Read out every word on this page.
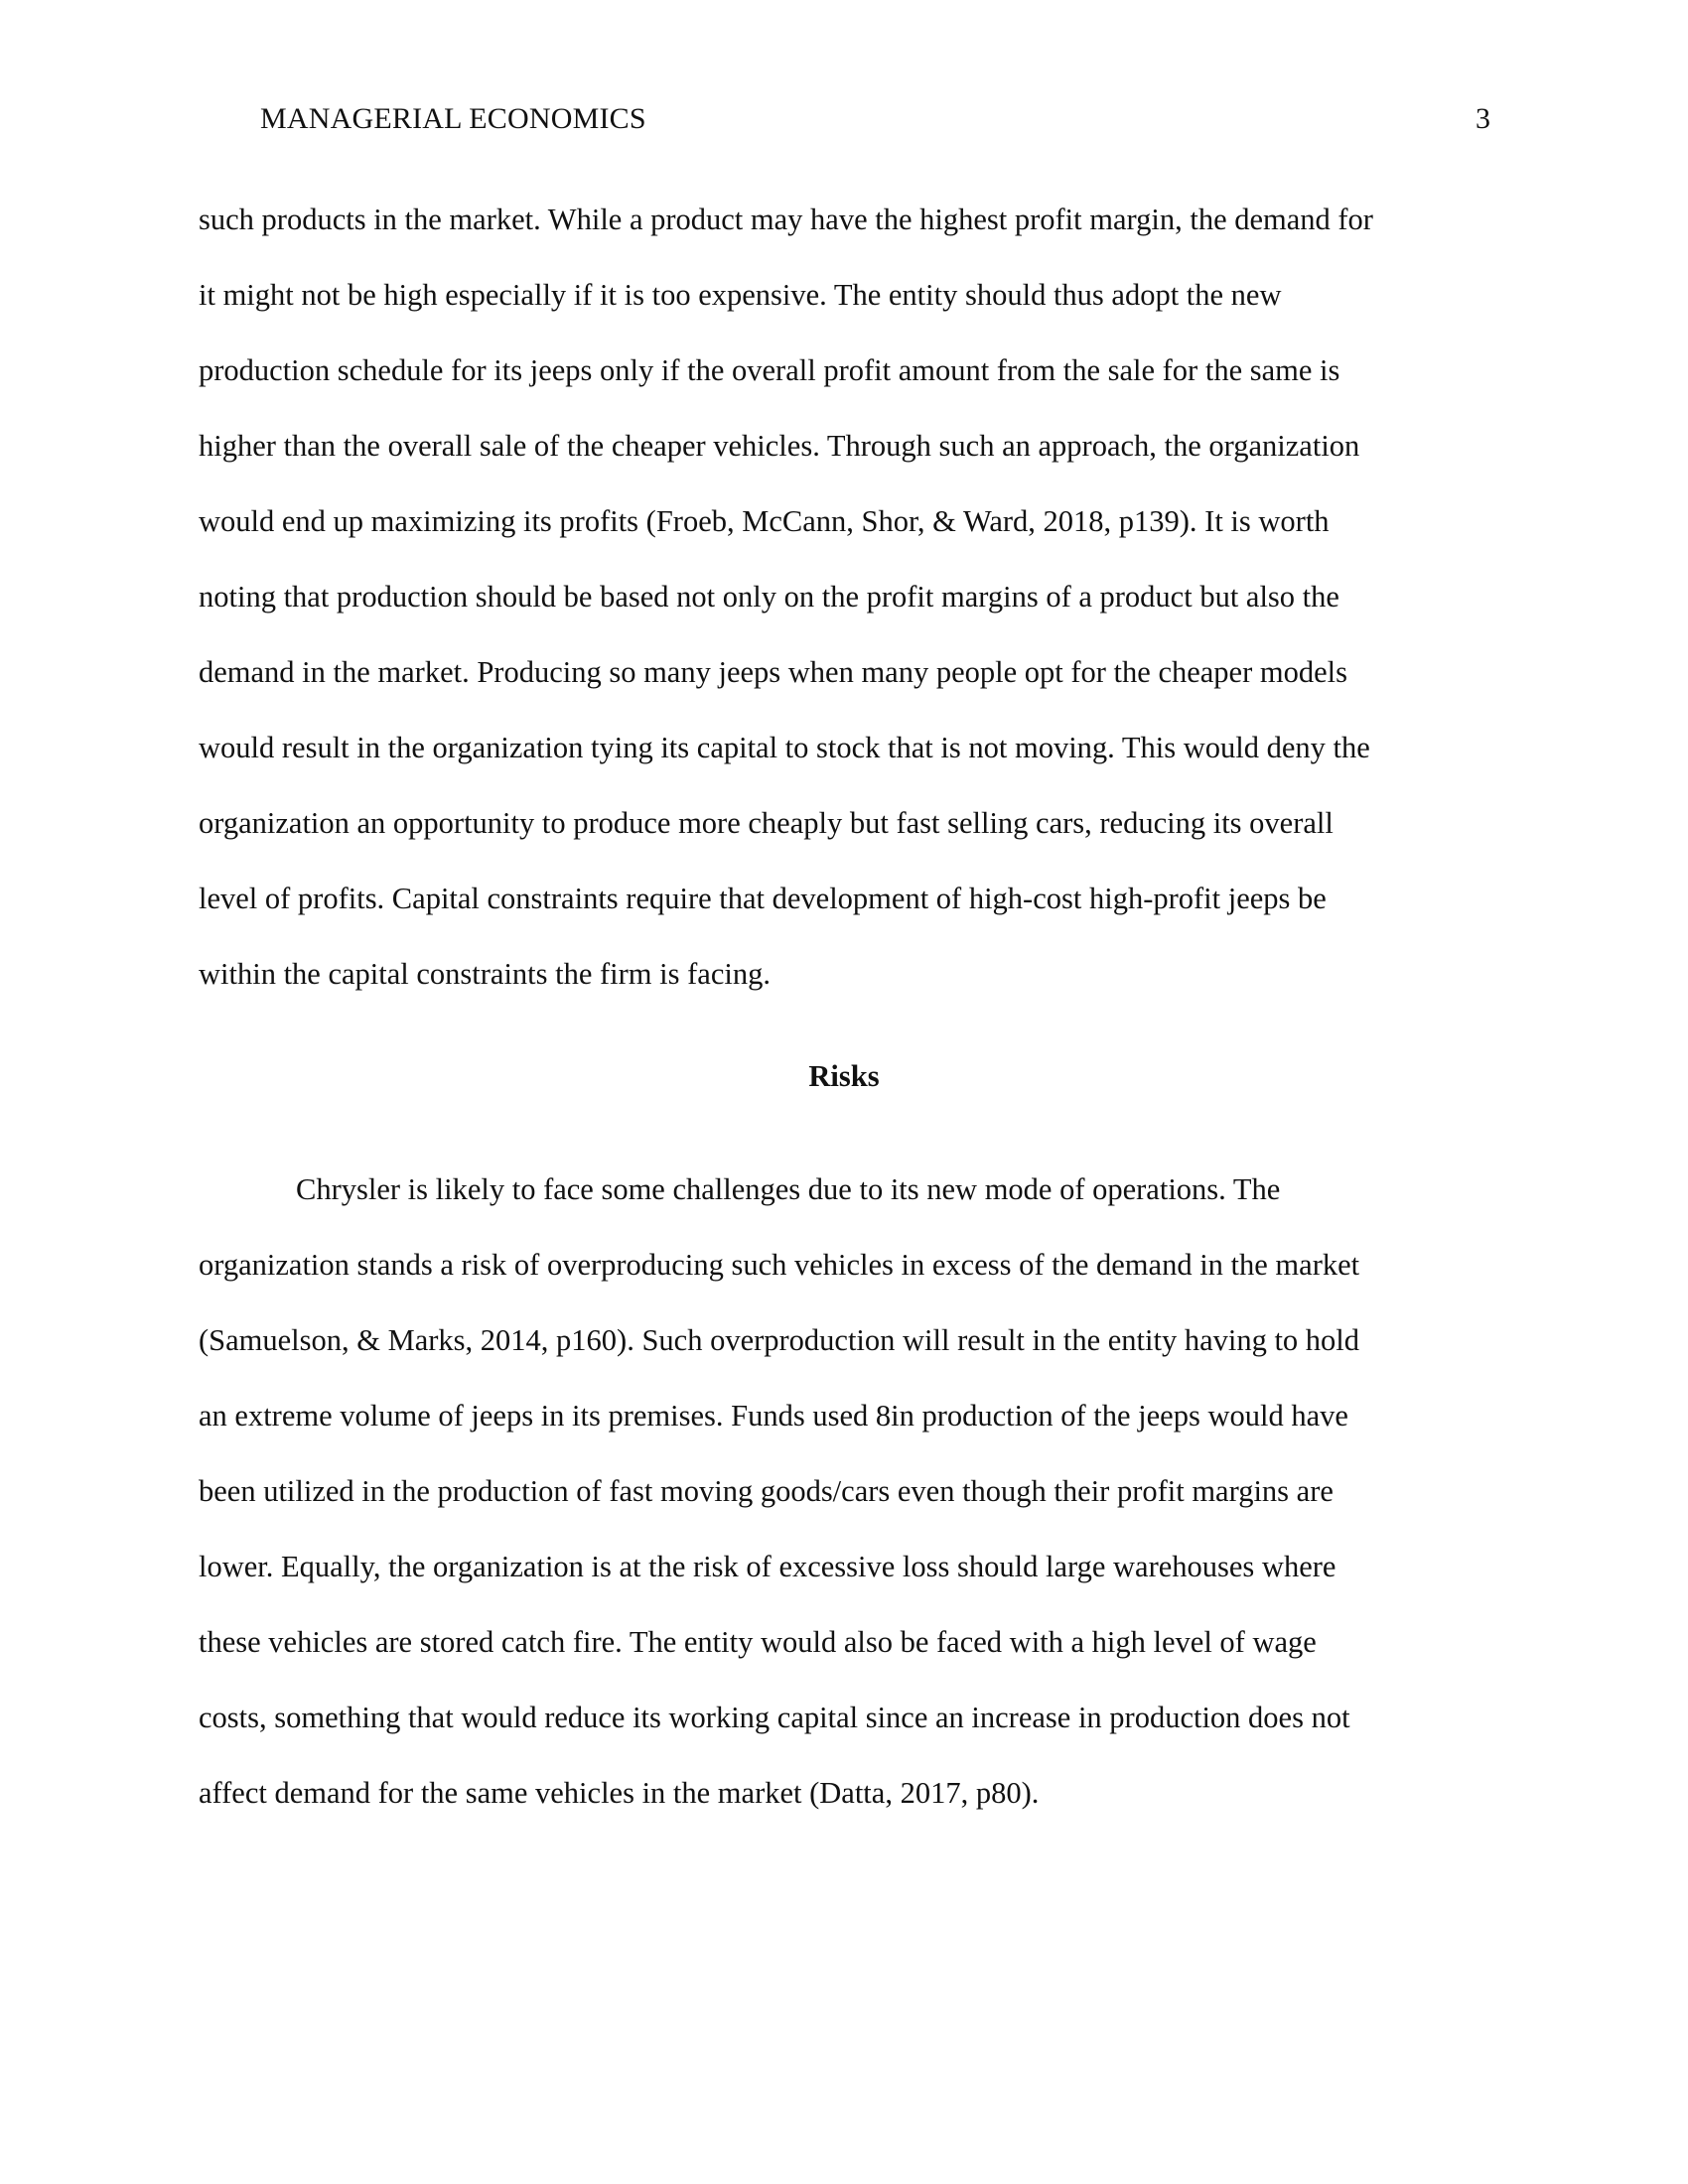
MANAGERIAL ECONOMICS	3
such products in the market. While a product may have the highest profit margin, the demand for
it might not be high especially if it is too expensive. The entity should thus adopt the new
production schedule for its jeeps only if the overall profit amount from the sale for the same is
higher than the overall sale of the cheaper vehicles. Through such an approach, the organization
would end up maximizing its profits (Froeb, McCann, Shor, & Ward, 2018, p139). It is worth
noting that production should be based not only on the profit margins of a product but also the
demand in the market. Producing so many jeeps when many people opt for the cheaper models
would result in the organization tying its capital to stock that is not moving. This would deny the
organization an opportunity to produce more cheaply but fast selling cars, reducing its overall
level of profits. Capital constraints require that development of high-cost high-profit jeeps be
within the capital constraints the firm is facing.
Risks
Chrysler is likely to face some challenges due to its new mode of operations. The
organization stands a risk of overproducing such vehicles in excess of the demand in the market
(Samuelson, & Marks, 2014, p160). Such overproduction will result in the entity having to hold
an extreme volume of jeeps in its premises. Funds used 8in production of the jeeps would have
been utilized in the production of fast moving goods/cars even though their profit margins are
lower. Equally, the organization is at the risk of excessive loss should large warehouses where
these vehicles are stored catch fire. The entity would also be faced with a high level of wage
costs, something that would reduce its working capital since an increase in production does not
affect demand for the same vehicles in the market (Datta, 2017, p80).
